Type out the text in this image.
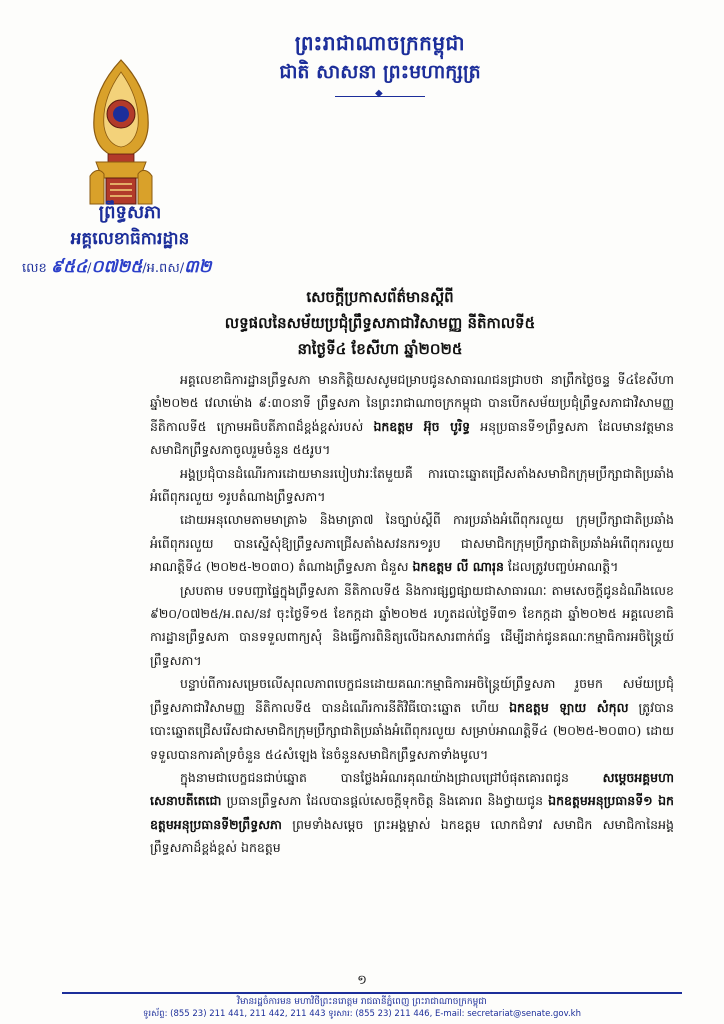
ព្រះរាជាណាចក្រកម្ពុជា
ជាតិ សាសនា ព្រះមហាក្សត្រ
◆
ព្រឹទ្ធសភា
អគ្គលេខាធិការដ្ឋាន
លេខ ៩៥៤/០៧២៥/អ.ពស/៣២
សេចក្ដីប្រកាសព័ត៌មានស្ដីពី
លទ្ធផលនៃសម័យប្រជុំព្រឹទ្ធសភាជាវិសាមញ្ញ នីតិកាលទី៥
នាថ្ងៃទី៤ ខែសីហា ឆ្នាំ២០២៥

អគ្គលេខាធិការដ្ឋានព្រឹទ្ធសភា មានកិត្តិយសសូមជម្រាបជូនសាធារណជនជ្រាបថា នាព្រឹកថ្ងៃចន្ទ ទី៤ខែសីហា ឆ្នាំ២០២៥ វេលាម៉ោង ៩:៣០នាទី ព្រឹទ្ធសភា នៃព្រះរាជាណាចក្រកម្ពុជា បានបើកសម័យប្រជុំព្រឹទ្ធសភាជាវិសាមញ្ញ នីតិកាលទី៥ ក្រោមអធិបតីភាពដ៏ខ្ពង់ខ្ពស់របស់ ឯកឧត្តម អ៊ុច បូរិទ្ធ អនុប្រធានទី១ព្រឹទ្ធសភា ដែលមានវត្តមានសមាជិកព្រឹទ្ធសភាចូលរួមចំនួន ៥៥រូប។

អង្គប្រជុំបានដំណើរការដោយមានរបៀបវារៈតែមួយគឺ ការបោះឆ្នោតជ្រើសតាំងសមាជិកក្រុមប្រឹក្សាជាតិប្រឆាំងអំពើពុករលួយ ១រូបតំណាងព្រឹទ្ធសភា។

ដោយអនុលោមតាមមាត្រា៦ និងមាត្រា៧ នៃច្បាប់ស្ដីពី ការប្រឆាំងអំពើពុករលួយ ក្រុមប្រឹក្សាជាតិប្រឆាំងអំពើពុករលួយ បានស្នើសុំឱ្យព្រឹទ្ធសភាជ្រើសតាំងសវនករ១រូប ជាសមាជិកក្រុមប្រឹក្សាជាតិប្រឆាំងអំពើពុករលួយអាណត្តិទី៤ (២០២៥-២០៣០) តំណាងព្រឹទ្ធសភា ជំនួស ឯកឧត្តម លី ណារុន ដែលត្រូវបញ្ចប់អាណត្តិ។

ស្របតាម បទបញ្ជាផ្ទៃក្នុងព្រឹទ្ធសភា នីតិកាលទី៥ និងការផ្សព្វផ្សាយជាសាធារណៈ តាមសេចក្ដីជូនដំណឹងលេខ ៩២០/០៧២៥/អ.ពស/នវ ចុះថ្ងៃទី១៥ ខែកក្កដា ឆ្នាំ២០២៥ រហូតដល់ថ្ងៃទី៣១ ខែកក្កដា ឆ្នាំ២០២៥ អគ្គលេខាធិការដ្ឋានព្រឹទ្ធសភា បានទទួលពាក្យសុំ និងធ្វើការពិនិត្យលើឯកសារពាក់ព័ន្ធ ដើម្បីដាក់ជូនគណៈកម្មាធិការអចិន្ត្រៃយ៍ព្រឹទ្ធសភា។

បន្ទាប់ពីការសម្រេចលើសុពលភាពបេក្ខជនដោយគណៈកម្មាធិការអចិន្ត្រៃយ៍ព្រឹទ្ធសភា រួចមក សម័យប្រជុំព្រឹទ្ធសភាជាវិសាមញ្ញ នីតិកាលទី៥ បានដំណើរការនីតិវិធីបោះឆ្នោត ហើយ ឯកឧត្តម ឡាយ សំកុល ត្រូវបានបោះឆ្នោតជ្រើសរើសជាសមាជិកក្រុមប្រឹក្សាជាតិប្រឆាំងអំពើពុករលួយ សម្រាប់អាណត្តិទី៤ (២០២៥-២០៣០) ដោយទទួលបានការគាំទ្រចំនួន ៥៤សំឡេង នៃចំនួនសមាជិកព្រឹទ្ធសភាទាំងមូល។

ក្នុងនាមជាបេក្ខជនជាប់ឆ្នោត	បានថ្លែងអំណរគុណយ៉ាងជ្រាលជ្រៅបំផុតគោរពជូន	សម្ដេចអគ្គមហាសេនាបតីតេជោ ប្រធានព្រឹទ្ធសភា ដែលបានផ្ដល់សេចក្ដីទុកចិត្ត និងគោរព និងថ្វាយជូន ឯកឧត្តមអនុប្រធានទី១ ឯកឧត្តមអនុប្រធានទី២ព្រឹទ្ធសភា ព្រមទាំងសម្ដេច ព្រះអង្គម្ចាស់ ឯកឧត្តម លោកជំទាវ សមាជិក សមាជិកានៃអង្គព្រឹទ្ធសភាដ៏ខ្ពង់ខ្ពស់ ឯកឧត្តម

១
វិមានរដ្ឋចំការមន មហាវិថីព្រះនរោត្តម រាជធានីភ្នំពេញ ព្រះរាជាណាចក្រកម្ពុជា
ទូរស័ព្ទ: (855 23) 211 441, 211 442, 211 443 ទូរសារ: (855 23) 211 446, E-mail: secretariat@senate.gov.kh
